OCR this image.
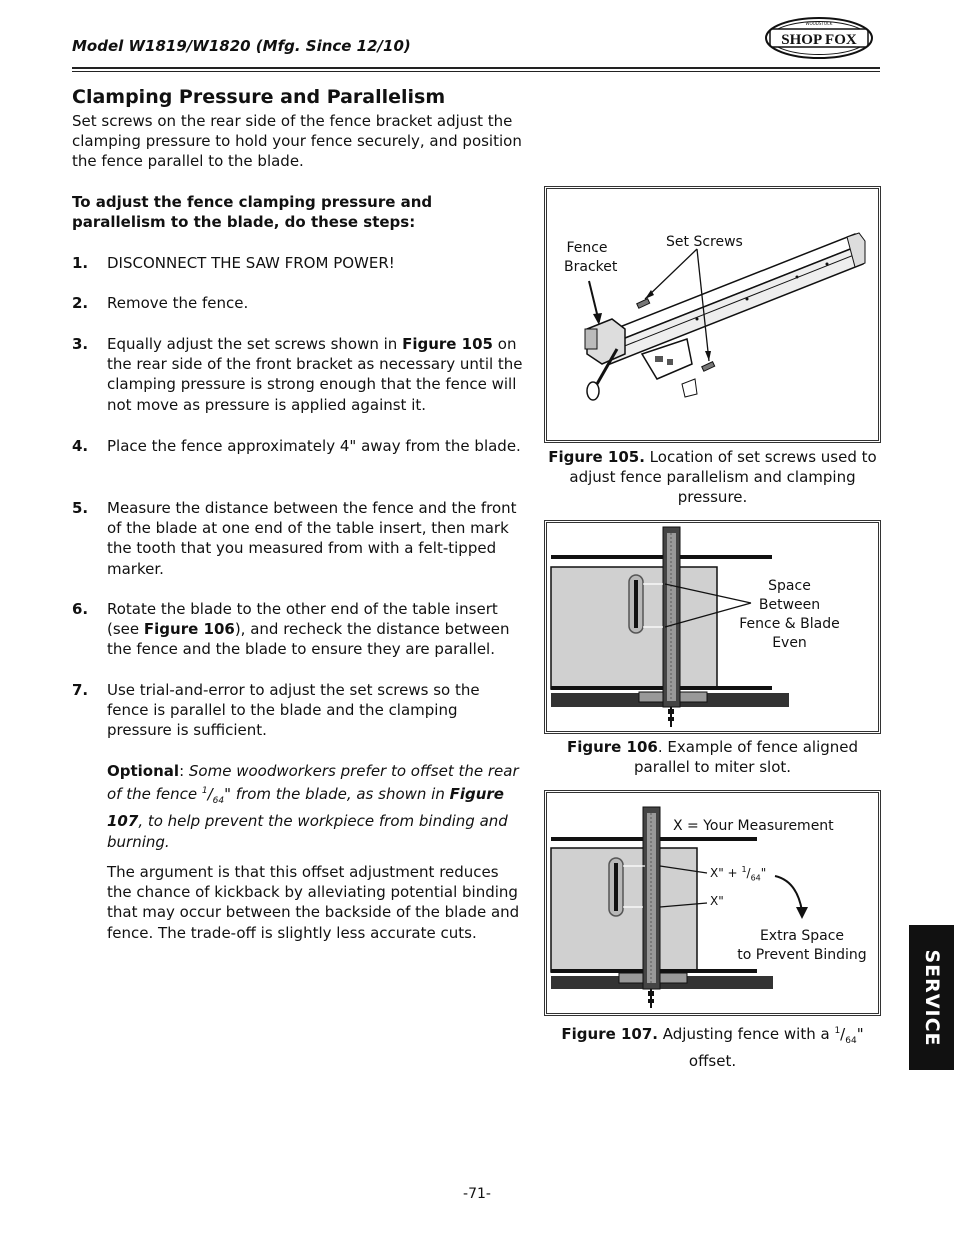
Model W1819/W1820 (Mfg. Since 12/10)	SHOP FOX
WOODSTOCK
Clamping Pressure and Parallelism

Set screws on the rear side of the fence bracket adjust the clamping pressure to hold your fence securely, and position the fence parallel to the blade.

To adjust the fence clamping pressure and parallelism to the blade, do these steps:

1. DISCONNECT THE SAW FROM POWER!
2. Remove the fence.
3. Equally adjust the set screws shown in Figure 105 on the rear side of the front bracket as necessary until the clamping pressure is strong enough that the fence will not move as pressure is applied against it.
4. Place the fence approximately 4" away from the blade.
5. Measure the distance between the fence and the front of the blade at one end of the table insert, then mark the tooth that you measured from with a felt-tipped marker.
6. Rotate the blade to the other end of the table insert (see Figure 106), and recheck the distance between the fence and the blade to ensure they are parallel.
7. Use trial-and-error to adjust the set screws so the fence is parallel to the blade and the clamping pressure is sufficient.
Optional: Some woodworkers prefer to offset the rear of the fence $^1/_{64}$" from the blade, as shown in Figure 107, to help prevent the workpiece from binding and burning.
The argument is that this offset adjustment reduces the chance of kickback by alleviating potential binding that may occur between the backside of the blade and fence. The trade-off is slightly less accurate cuts.
Fence
Bracket
Set Screws
Figure 105. Location of set screws used to adjust fence parallelism and clamping pressure.
Space
Between
Fence & Blade
Even
Figure 106. Example of fence aligned parallel to miter slot.
X = Your Measurement
X" + $^1/_{64}$"
X"
Extra Space
to Prevent Binding
Figure 107. Adjusting fence with a $^1/_{64}$" offset.
SERVICE
-71-
